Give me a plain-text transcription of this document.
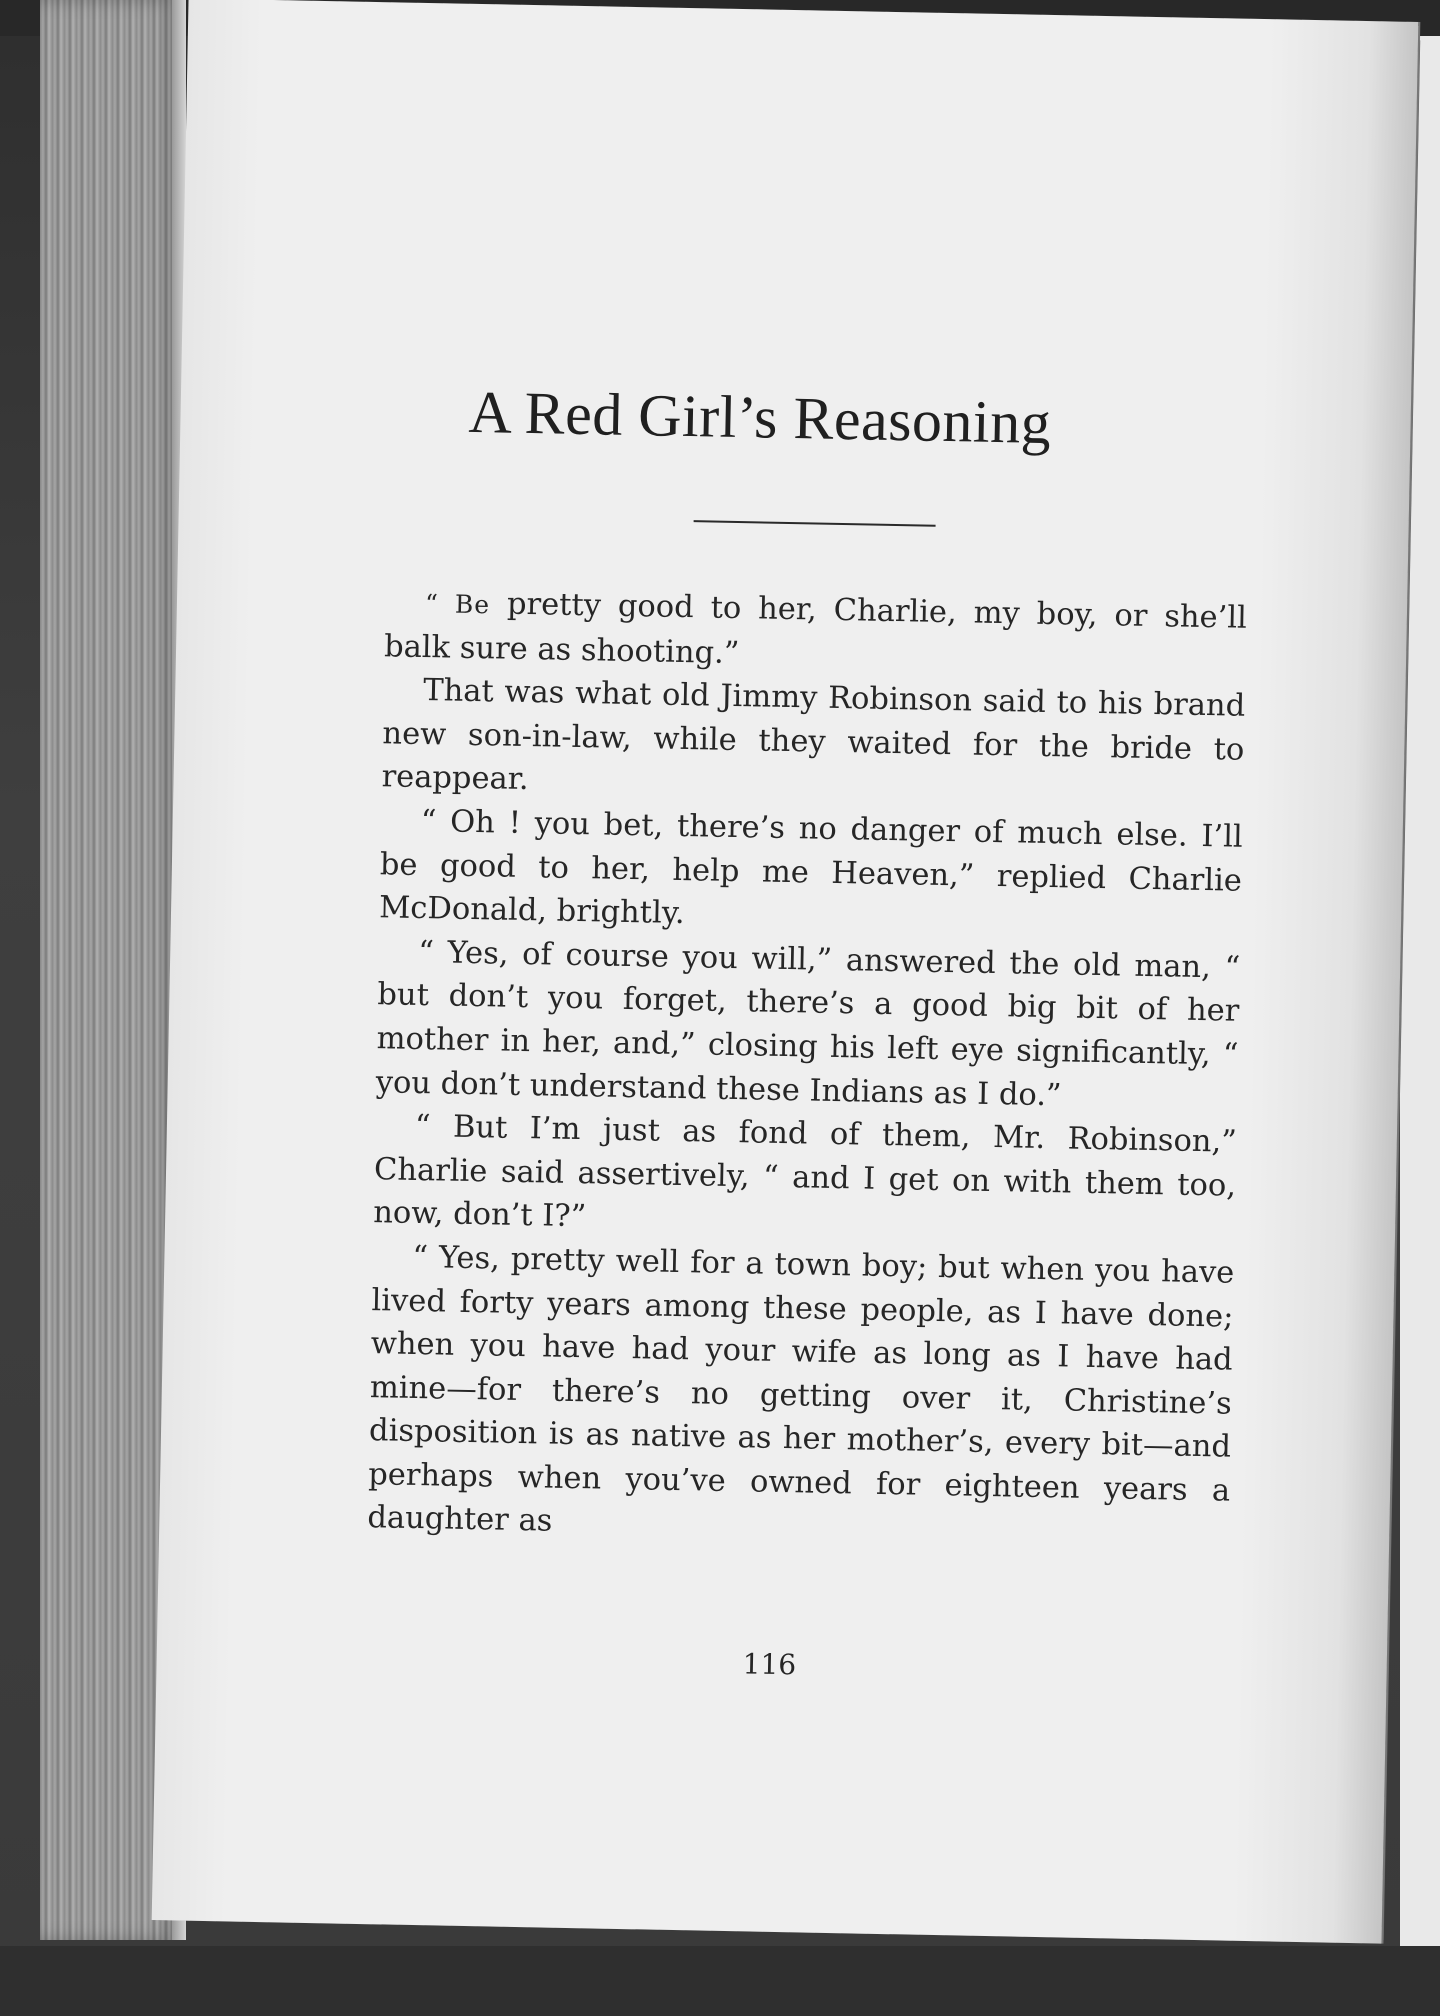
A Red Girl’s Reasoning

“ Be pretty good to her, Charlie, my boy, or she’ll balk sure as shooting.”

That was what old Jimmy Robinson said to his brand new son-in-law, while they waited for the bride to reappear.

“ Oh ! you bet, there’s no danger of much else. I’ll be good to her, help me Heaven,” replied Charlie McDonald, brightly.

“ Yes, of course you will,” answered the old man, “ but don’t you forget, there’s a good big bit of her mother in her, and,” closing his left eye significantly, “ you don’t understand these Indians as I do.”

“ But I’m just as fond of them, Mr. Robinson,” Charlie said assertively, “ and I get on with them too, now, don’t I?”

“ Yes, pretty well for a town boy; but when you have lived forty years among these people, as I have done; when you have had your wife as long as I have had mine—for there’s no getting over it, Christine’s disposition is as native as her mother’s, every bit—and perhaps when you’ve owned for eighteen years a daughter as

116
